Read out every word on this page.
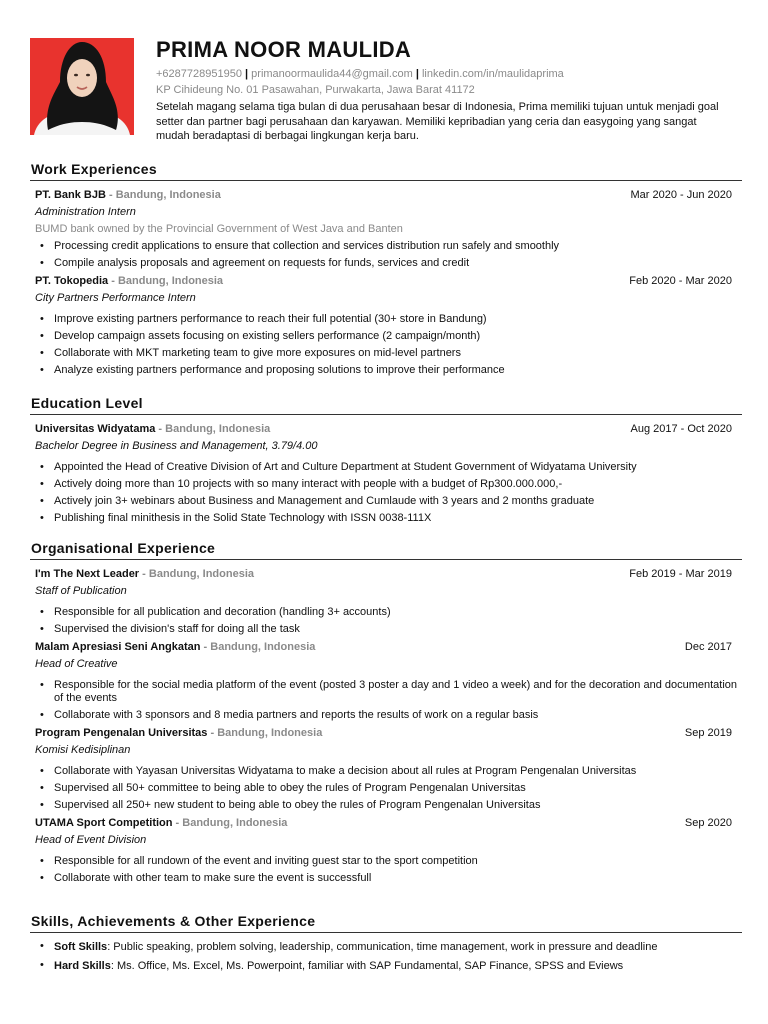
PRIMA NOOR MAULIDA
+6287728951950 | primanoormaulida44@gmail.com | linkedin.com/in/maulidaprima
KP Cihideung No. 01 Pasawahan, Purwakarta, Jawa Barat 41172
Setelah magang selama tiga bulan di dua perusahaan besar di Indonesia, Prima memiliki tujuan untuk menjadi goal setter dan partner bagi perusahaan dan karyawan. Memiliki kepribadian yang ceria dan easygoing yang sangat mudah beradaptasi di berbagai lingkungan kerja baru.
Work Experiences
PT. Bank BJB - Bandung, Indonesia	Mar 2020 - Jun 2020
Administration Intern
BUMD bank owned by the Provincial Government of West Java and Banten
• Processing credit applications to ensure that collection and services distribution run safely and smoothly
• Compile analysis proposals and agreement on requests for funds, services and credit
PT. Tokopedia - Bandung, Indonesia	Feb 2020 - Mar 2020
City Partners Performance Intern
• Improve existing partners performance to reach their full potential (30+ store in Bandung)
• Develop campaign assets focusing on existing sellers performance (2 campaign/month)
• Collaborate with MKT marketing team to give more exposures on mid-level partners
• Analyze existing partners performance and proposing solutions to improve their performance
Education Level
Universitas Widyatama - Bandung, Indonesia	Aug 2017 - Oct 2020
Bachelor Degree in Business and Management, 3.79/4.00
• Appointed the Head of Creative Division of Art and Culture Department at Student Government of Widyatama University
• Actively doing more than 10 projects with so many interact with people with a budget of Rp300.000.000,-
• Actively join 3+ webinars about Business and Management and Cumlaude with 3 years and 2 months graduate
• Publishing final minithesis in the Solid State Technology with ISSN 0038-111X
Organisational Experience
I'm The Next Leader - Bandung, Indonesia	Feb 2019 - Mar 2019
Staff of Publication
• Responsible for all publication and decoration (handling 3+ accounts)
• Supervised the division's staff for doing all the task
Malam Apresiasi Seni Angkatan - Bandung, Indonesia	Dec 2017
Head of Creative
• Responsible for the social media platform of the event (posted 3 poster a day and 1 video a week) and for the decoration and documentation of the events
• Collaborate with 3 sponsors and 8 media partners and reports the results of work on a regular basis
Program Pengenalan Universitas - Bandung, Indonesia	Sep 2019
Komisi Kedisiplinan
• Collaborate with Yayasan Universitas Widyatama to make a decision about all rules at Program Pengenalan Universitas
• Supervised all 50+ committee to being able to obey the rules of Program Pengenalan Universitas
• Supervised all 250+ new student to being able to obey the rules of Program Pengenalan Universitas
UTAMA Sport Competition - Bandung, Indonesia	Sep 2020
Head of Event Division
• Responsible for all rundown of the event and inviting guest star to the sport competition
• Collaborate with other team to make sure the event is successfull
Skills, Achievements & Other Experience
• Soft Skills: Public speaking, problem solving, leadership, communication, time management, work in pressure and deadline
• Hard Skills: Ms. Office, Ms. Excel, Ms. Powerpoint, familiar with SAP Fundamental, SAP Finance, SPSS and Eviews
